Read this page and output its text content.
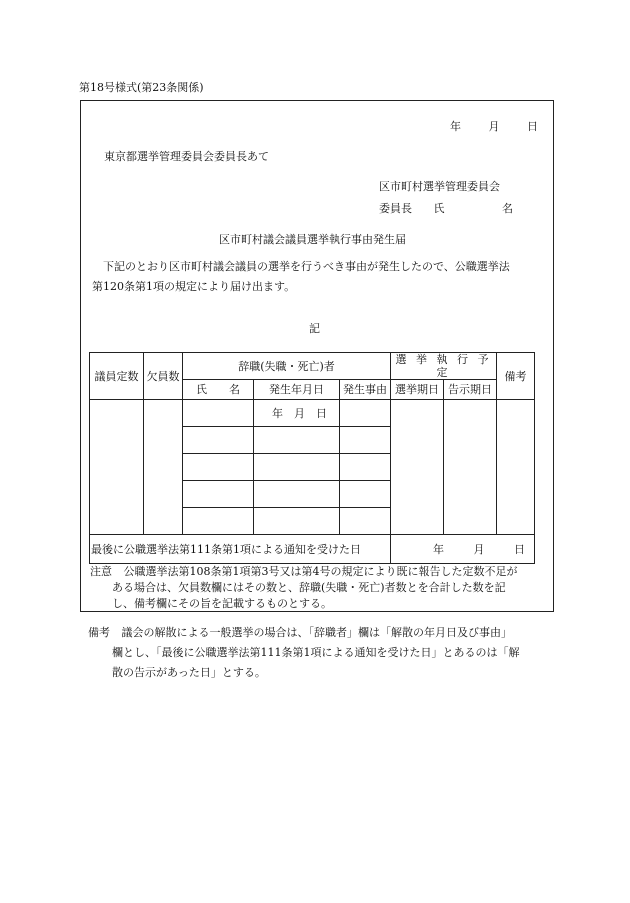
第18号様式(第23条関係)
年	月	日
東京都選挙管理委員会委員長あて
区市町村選挙管理委員会
委員長 氏	名
区市町村議会議員選挙執行事由発生届
下記のとおり区市町村議会議員の選挙を行うべき事由が発生したので、公職選挙法
第120条第1項の規定により届け出ます。
記
議員定数	欠員数	辞職(失職・死亡)者			選 挙 執 行 予 定		備考
		氏　　名	発生年月日	発生事由	選挙期日	告示期日	
			年　月　日				

最後に公職選挙法第111条第1項による通知を受けた日					年 月 日		
注意 公職選挙法第108条第1項第3号又は第4号の規定により既に報告した定数不足が
ある場合は、欠員数欄にはその数と、辞職(失職・死亡)者数とを合計した数を記
し、備考欄にその旨を記載するものとする。
備考 議会の解散による一般選挙の場合は、「辞職者」欄は「解散の年月日及び事由」
欄とし、「最後に公職選挙法第111条第1項による通知を受けた日」とあるのは「解
散の告示があった日」とする。
